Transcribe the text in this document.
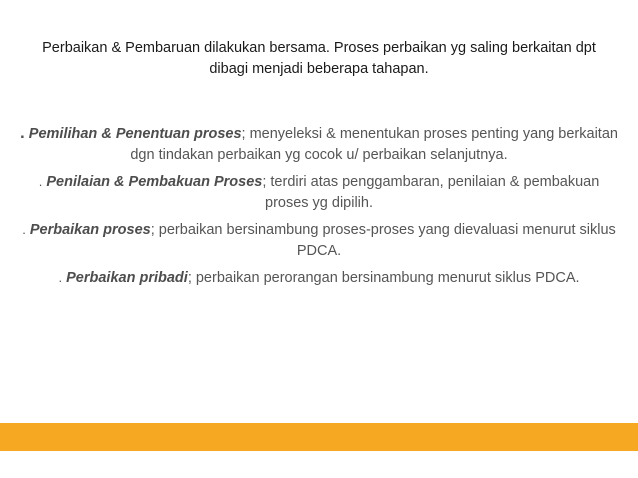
Perbaikan & Pembaruan dilakukan bersama. Proses perbaikan yg saling berkaitan dpt dibagi menjadi beberapa tahapan.

. Pemilihan & Penentuan proses; menyeleksi & menentukan proses penting yang berkaitan dgn tindakan perbaikan yg cocok u/ perbaikan selanjutnya.

. Penilaian & Pembakuan Proses; terdiri atas penggambaran, penilaian & pembakuan proses yg dipilih.

. Perbaikan proses; perbaikan bersinambung proses-proses yang dievaluasi menurut siklus PDCA.

. Perbaikan pribadi; perbaikan perorangan bersinambung menurut siklus PDCA.
